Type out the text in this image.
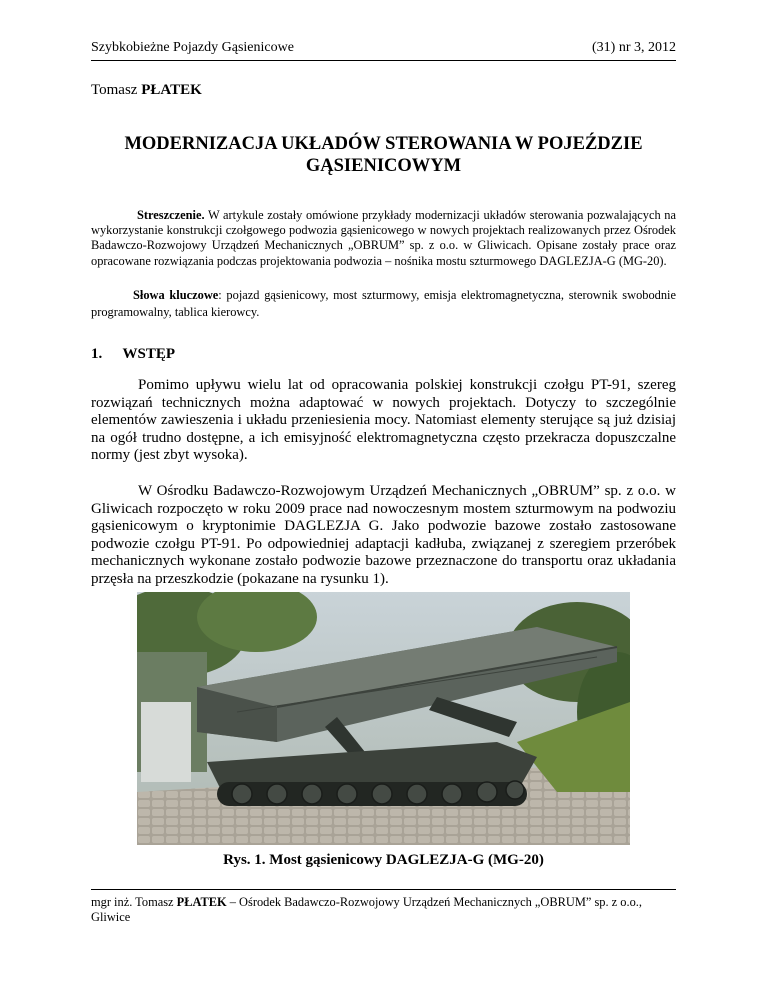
Szybkobieżne Pojazdy Gąsienicowe	(31) nr 3, 2012
Tomasz PŁATEK
MODERNIZACJA UKŁADÓW STEROWANIA W POJEŹDZIE GĄSIENICOWYM
Streszczenie. W artykule zostały omówione przykłady modernizacji układów sterowania pozwalających na wykorzystanie konstrukcji czołgowego podwozia gąsienicowego w nowych projektach realizowanych przez Ośrodek Badawczo-Rozwojowy Urządzeń Mechanicznych „OBRUM” sp. z o.o. w Gliwicach. Opisane zostały prace oraz opracowane rozwiązania podczas projektowania podwozia – nośnika mostu szturmowego DAGLEZJA-G (MG-20).
Słowa kluczowe: pojazd gąsienicowy, most szturmowy, emisja elektromagnetyczna, sterownik swobodnie programowalny, tablica kierowcy.
1. WSTĘP

Pomimo upływu wielu lat od opracowania polskiej konstrukcji czołgu PT-91, szereg rozwiązań technicznych można adaptować w nowych projektach. Dotyczy to szczególnie elementów zawieszenia i układu przeniesienia mocy. Natomiast elementy sterujące są już dzisiaj na ogół trudno dostępne, a ich emisyjność elektromagnetyczna często przekracza dopuszczalne normy (jest zbyt wysoka).

W Ośrodku Badawczo-Rozwojowym Urządzeń Mechanicznych „OBRUM” sp. z o.o. w Gliwicach rozpoczęto w roku 2009 prace nad nowoczesnym mostem szturmowym na podwoziu gąsienicowym o kryptonimie DAGLEZJA G. Jako podwozie bazowe zostało zastosowane podwozie czołgu PT-91. Po odpowiedniej adaptacji kadłuba, związanej z szeregiem przeróbek mechanicznych wykonane zostało podwozie bazowe przeznaczone do transportu oraz układania przęsła na przeszkodzie (pokazane na rysunku 1).

Rys. 1. Most gąsienicowy DAGLEZJA-G (MG-20)
mgr inż. Tomasz PŁATEK – Ośrodek Badawczo-Rozwojowy Urządzeń Mechanicznych „OBRUM” sp. z o.o., Gliwice
